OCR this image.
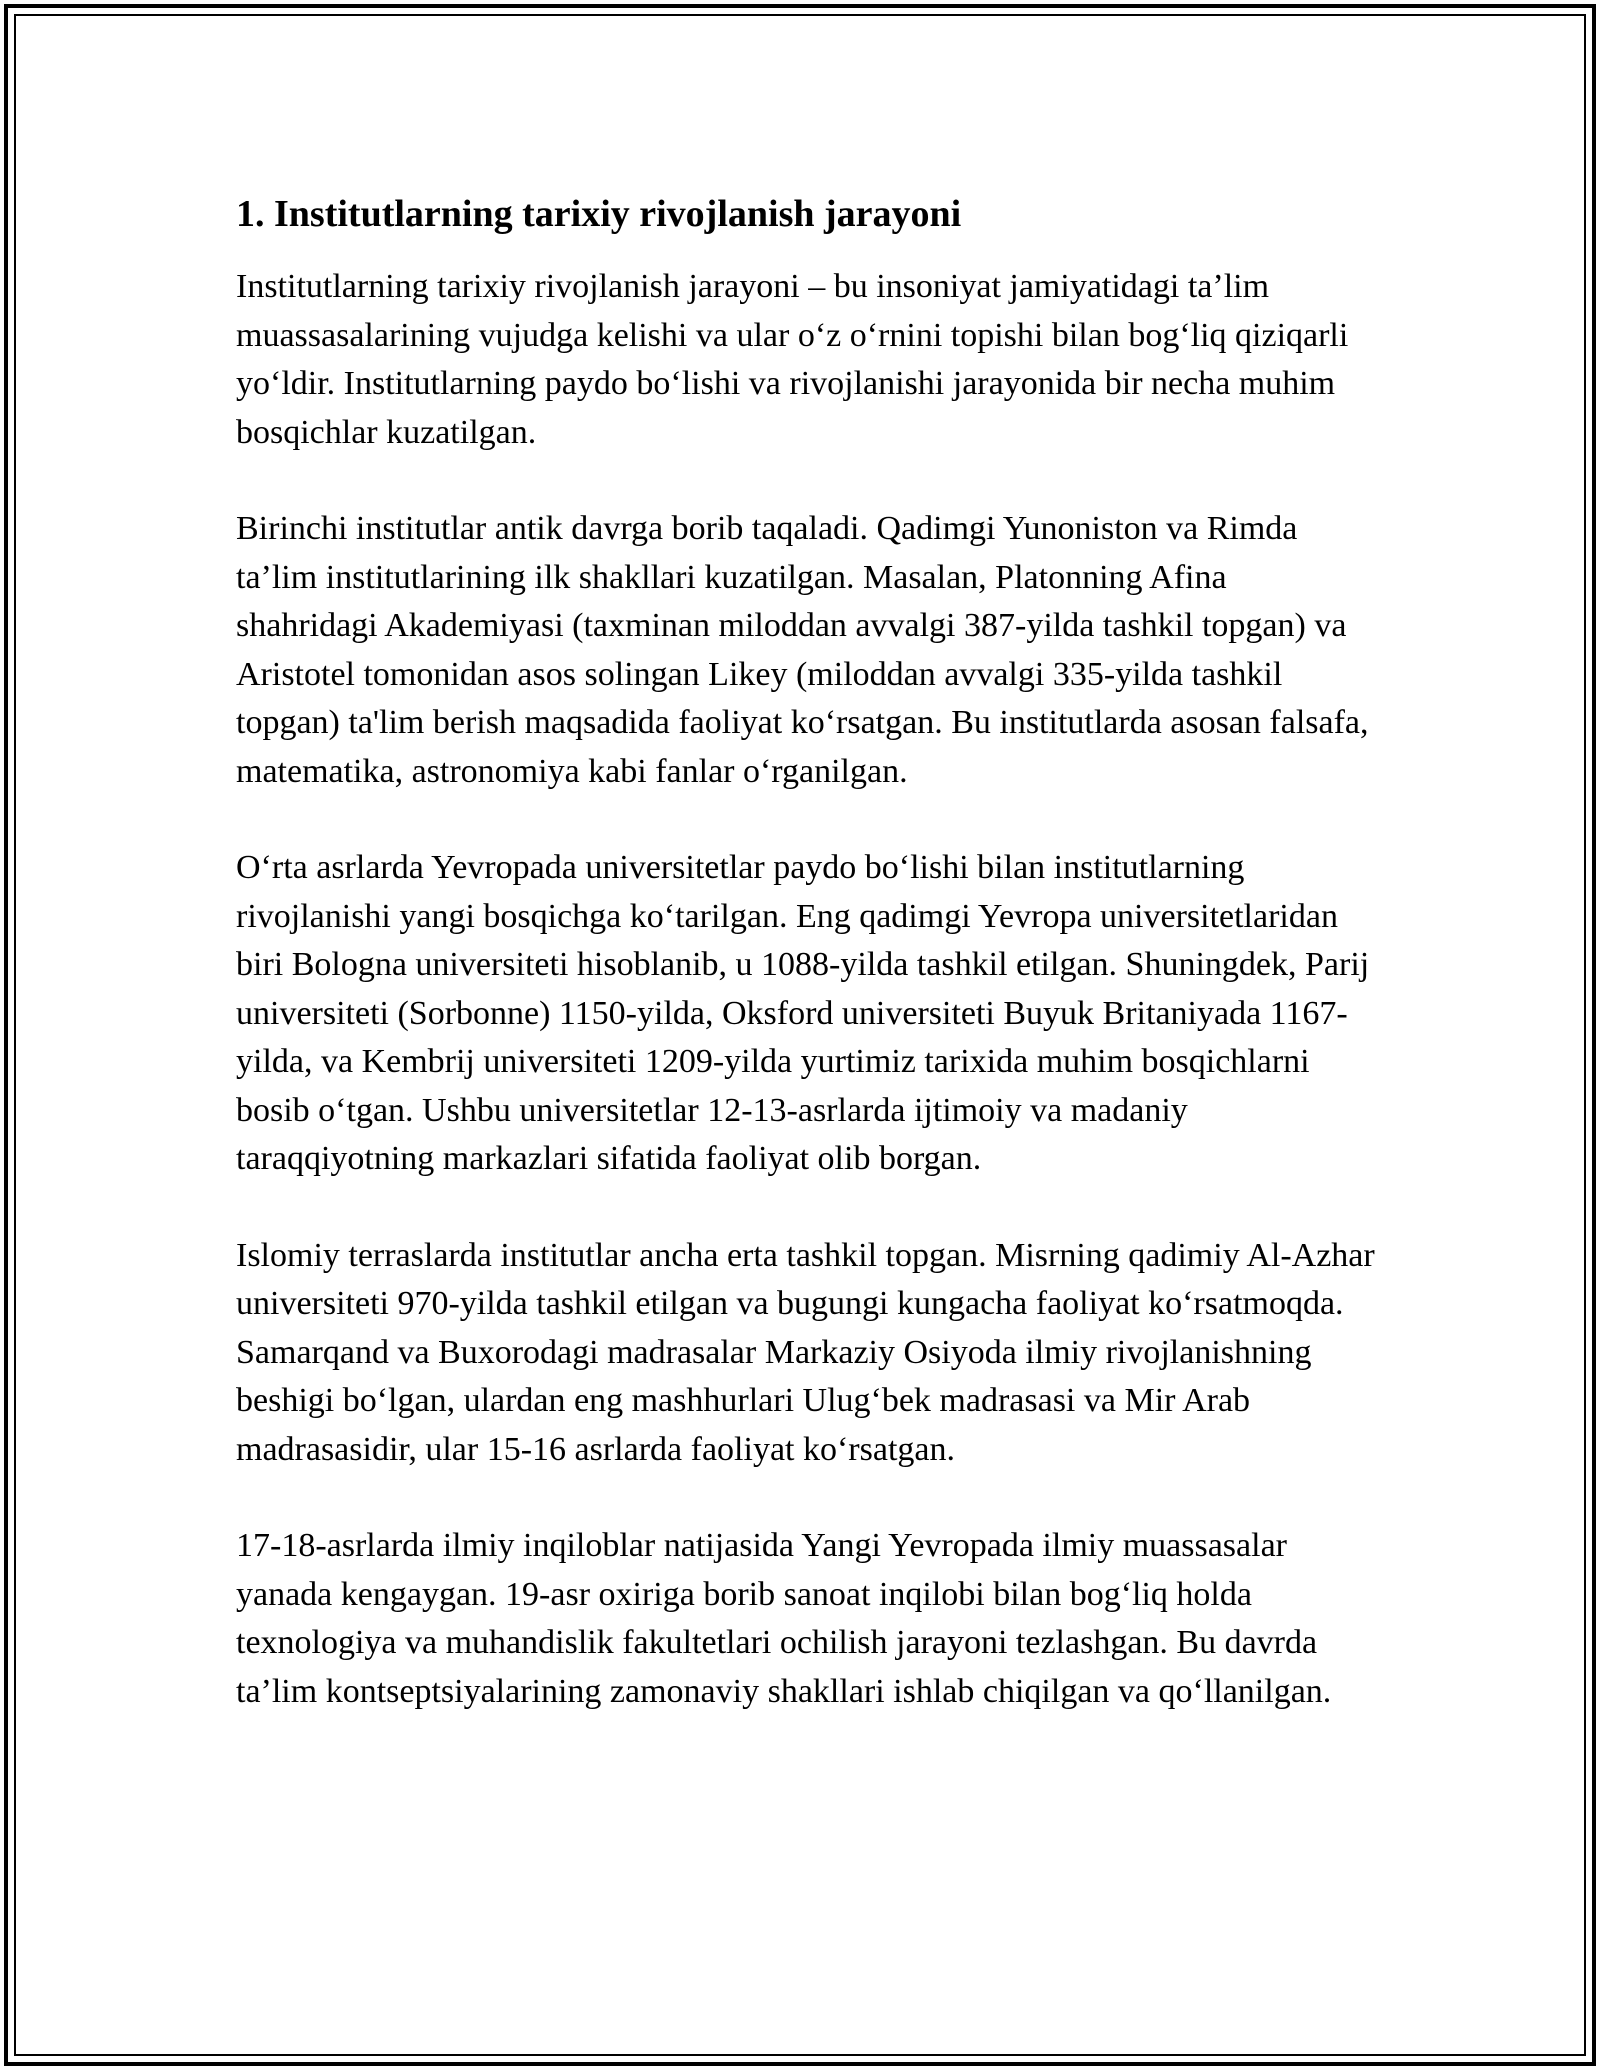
1. Institutlarning tarixiy rivojlanish jarayoni

Institutlarning tarixiy rivojlanish jarayoni – bu insoniyat jamiyatidagi ta’lim muassasalarining vujudga kelishi va ular o‘z o‘rnini topishi bilan bog‘liq qiziqarli yo‘ldir. Institutlarning paydo bo‘lishi va rivojlanishi jarayonida bir necha muhim bosqichlar kuzatilgan.

Birinchi institutlar antik davrga borib taqaladi. Qadimgi Yunoniston va Rimda ta’lim institutlarining ilk shakllari kuzatilgan. Masalan, Platonning Afina shahridagi Akademiyasi (taxminan miloddan avvalgi 387-yilda tashkil topgan) va Aristotel tomonidan asos solingan Likey (miloddan avvalgi 335-yilda tashkil topgan) ta'lim berish maqsadida faoliyat ko‘rsatgan. Bu institutlarda asosan falsafa, matematika, astronomiya kabi fanlar o‘rganilgan.

O‘rta asrlarda Yevropada universitetlar paydo bo‘lishi bilan institutlarning rivojlanishi yangi bosqichga ko‘tarilgan. Eng qadimgi Yevropa universitetlaridan biri Bologna universiteti hisoblanib, u 1088-yilda tashkil etilgan. Shuningdek, Parij universiteti (Sorbonne) 1150-yilda, Oksford universiteti Buyuk Britaniyada 1167-yilda, va Kembrij universiteti 1209-yilda yurtimiz tarixida muhim bosqichlarni bosib o‘tgan. Ushbu universitetlar 12-13-asrlarda ijtimoiy va madaniy taraqqiyotning markazlari sifatida faoliyat olib borgan.

Islomiy terraslarda institutlar ancha erta tashkil topgan. Misrning qadimiy Al-Azhar universiteti 970-yilda tashkil etilgan va bugungi kungacha faoliyat ko‘rsatmoqda. Samarqand va Buxorodagi madrasalar Markaziy Osiyoda ilmiy rivojlanishning beshigi bo‘lgan, ulardan eng mashhurlari Ulug‘bek madrasasi va Mir Arab madrasasidir, ular 15-16 asrlarda faoliyat ko‘rsatgan.

17-18-asrlarda ilmiy inqiloblar natijasida Yangi Yevropada ilmiy muassasalar yanada kengaygan. 19-asr oxiriga borib sanoat inqilobi bilan bog‘liq holda texnologiya va muhandislik fakultetlari ochilish jarayoni tezlashgan. Bu davrda ta’lim kontseptsiyalarining zamonaviy shakllari ishlab chiqilgan va qo‘llanilgan.
